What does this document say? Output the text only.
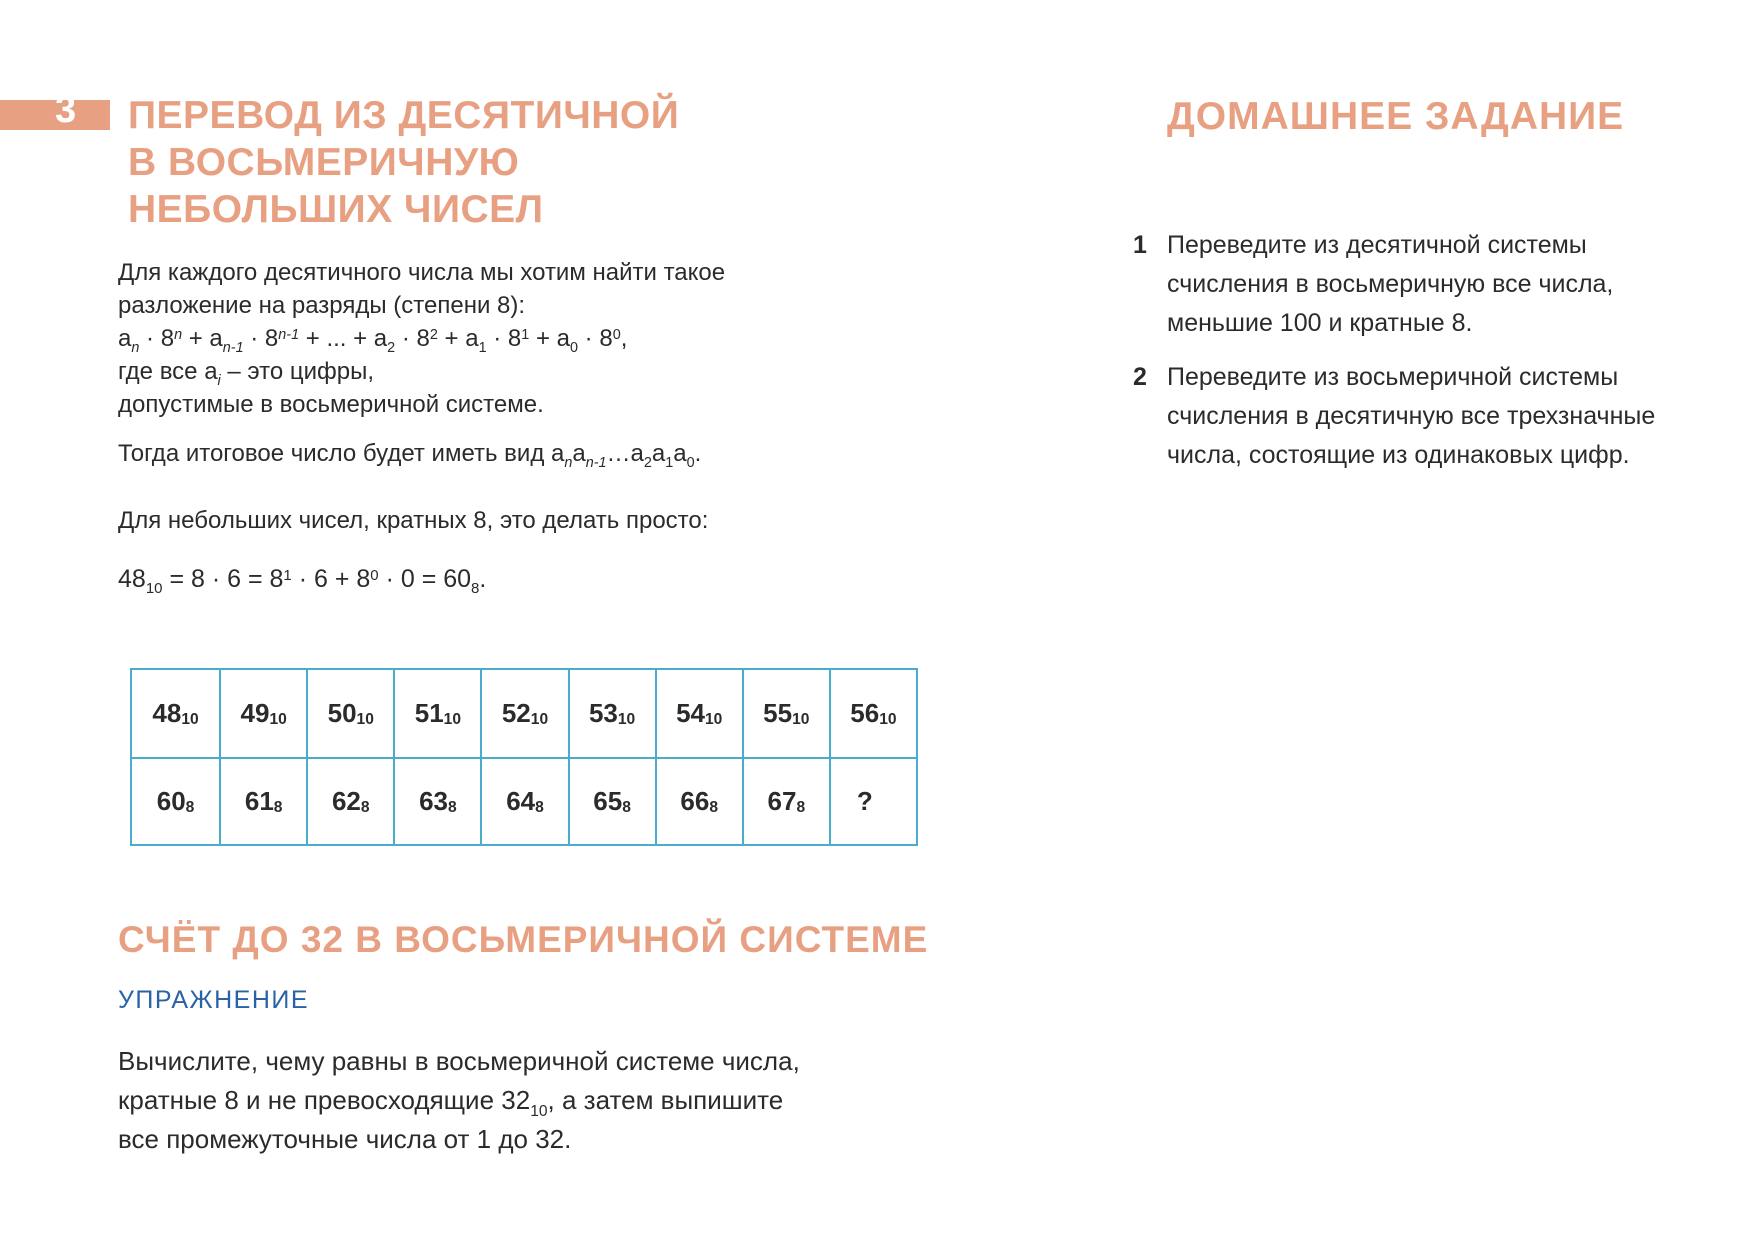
3 ПЕРЕВОД ИЗ ДЕСЯТИЧНОЙ
В ВОСЬМЕРИЧНУЮ
НЕБОЛЬШИХ ЧИСЕЛ
Для каждого десятичного числа мы хотим найти такое
разложение на разряды (степени 8):
$a_n \cdot 8^n + a_{n-1} \cdot 8^{n-1}$ + ... + $a_2 \cdot 8^2 + a_1 \cdot 8^1 + a_0 \cdot 8^0$,
где все $a_i$ – это цифры,
допустимые в восьмеричной системе.
Тогда итоговое число будет иметь вид $a_na_{n-1}\dots a_2a_1a_0$.
Для небольших чисел, кратных 8, это делать просто:
$48_{10} = 8 \cdot 6 = 8^1 \cdot 6 + 8^0 \cdot 0 = 60_8$.
$48_{10}$	$49_{10}$	$50_{10}$	$51_{10}$	$52_{10}$	$53_{10}$	$54_{10}$	$55_{10}$	$56_{10}$
$60_8$	$61_8$	$62_8$	$63_8$	$64_8$	$65_8$	$66_8$	$67_8$	?
СЧЁТ ДО 32 В ВОСЬМЕРИЧНОЙ СИСТЕМЕ
УПРАЖНЕНИЕ
Вычислите, чему равны в восьмеричной системе числа,
кратные 8 и не превосходящие $32_{10}$, а затем выпишите
все промежуточные числа от 1 до 32.
ДОМАШНЕЕ ЗАДАНИЕ
1 Переведите из десятичной системы
счисления в восьмеричную все числа,
меньшие 100 и кратные 8.
2 Переведите из восьмеричной системы
счисления в десятичную все трехзначные
числа, состоящие из одинаковых цифр.
